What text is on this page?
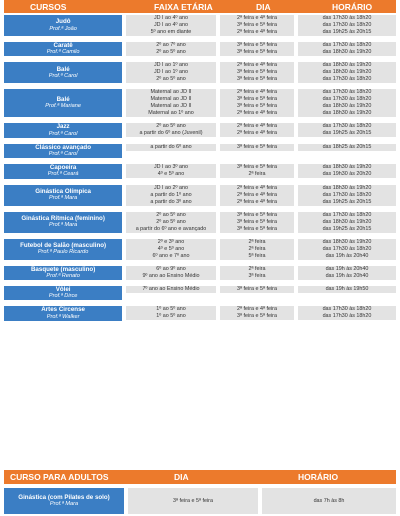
CURSOS	FAIXA ETÁRIA	DIA	HORÁRIO
Judô
Prof.ª João
JD I ao 4º ano	2ª feira e 4ª feira	das 17h30 às 18h20
JD I ao 4º ano	3ª feira e 5ª feira	das 17h30 às 18h20
5º ano em diante	2ª feira e 4ª feira	das 19h25 às 20h15
Caratê
Prof.ª Camilo
2º ao 7º ano	3ª feira e 5ª feira	das 17h30 às 18h20
2º ao 5º ano	3ª feira e 5ª feira	das 18h30 às 19h20
Balé
Prof.ª Carol
JD I ao 1º ano	2ª feira e 4ª feira	das 18h30 às 19h20
JD I ao 1º ano	3ª feira e 5ª feira	das 18h30 às 19h20
2º ao 5º ano	3ª feira e 5ª feira	das 17h30 às 18h20
Balé
Prof.ª Mariane
Maternal ao JD II	2ª feira e 4ª feira	das 17h30 às 18h20
Maternal ao JD II	3ª feira e 5ª feira	das 17h30 às 18h20
Maternal ao JD II	3ª feira e 5ª feira	das 18h30 às 19h20
Maternal ao 1º ano	2ª feira e 4ª feira	das 18h30 às 19h20
Jazz
Prof.ª Carol
2º ao 5º ano	2ª feira e 4ª feira	das 17h30 às 18h20
a partir do 6º ano (Juvenil)	2ª feira e 4ª feira	das 19h25 às 20h15
Clássico avançado
Prof.ª Carol
a partir do 6º ano	3ª feira e 5ª feira	das 18h25 às 20h15
Capoeira
Prof.ª Ceará
JD I ao 3º ano	3ª feira e 5ª feira	das 18h30 às 19h20
4º e 5º ano	2ª feira	das 19h30 às 20h20
Ginástica Olímpica
Prof.ª Mara
JD I ao 2º ano	2ª feira e 4ª feira	das 18h30 às 19h20
a partir do 1º ano	2ª feira e 4ª feira	das 17h30 às 18h20
a partir do 3º ano	2ª feira e 4ª feira	das 19h25 às 20h15
Ginástica Rítmica (feminino)
Prof.ª Mara
2º ao 5º ano	3ª feira e 5ª feira	das 17h30 às 18h20
2º ao 5º ano	3ª feira e 5ª feira	das 18h30 às 19h20
a partir do 6º ano e avançado	3ª feira e 5ª feira	das 19h25 às 20h15
Futebol de Salão (masculino)
Prof.ª Paulo Ricardo
2º e 3º ano	2ª feira	das 18h30 às 19h20
4º e 5º ano	2ª feira	das 17h30 às 18h20
6º ano e 7º ano	5ª feira	das 19h às 20h40
Basquete (masculino)
Prof.ª Renato
6º ao 9º ano	2ª feira	das 19h às 20h40
9º ano ao Ensino Médio	3ª feira	das 19h às 20h40
Vôlei
Prof.ª Dirce
7º ano ao Ensino Médio	3ª feira e 5ª feira	das 19h às 19h50
Artes Circense
Prof.ª Walker
1º ao 5º ano	2ª feira e 4ª feira	das 17h30 às 18h20
1º ao 5º ano	3ª feira e 5ª feira	das 17h30 às 18h20
CURSO PARA ADULTOS	DIA	HORÁRIO
Ginástica (com Pilates de solo)
Prof.ª Mara	3ª feira e 5ª feira	das 7h às 8h
